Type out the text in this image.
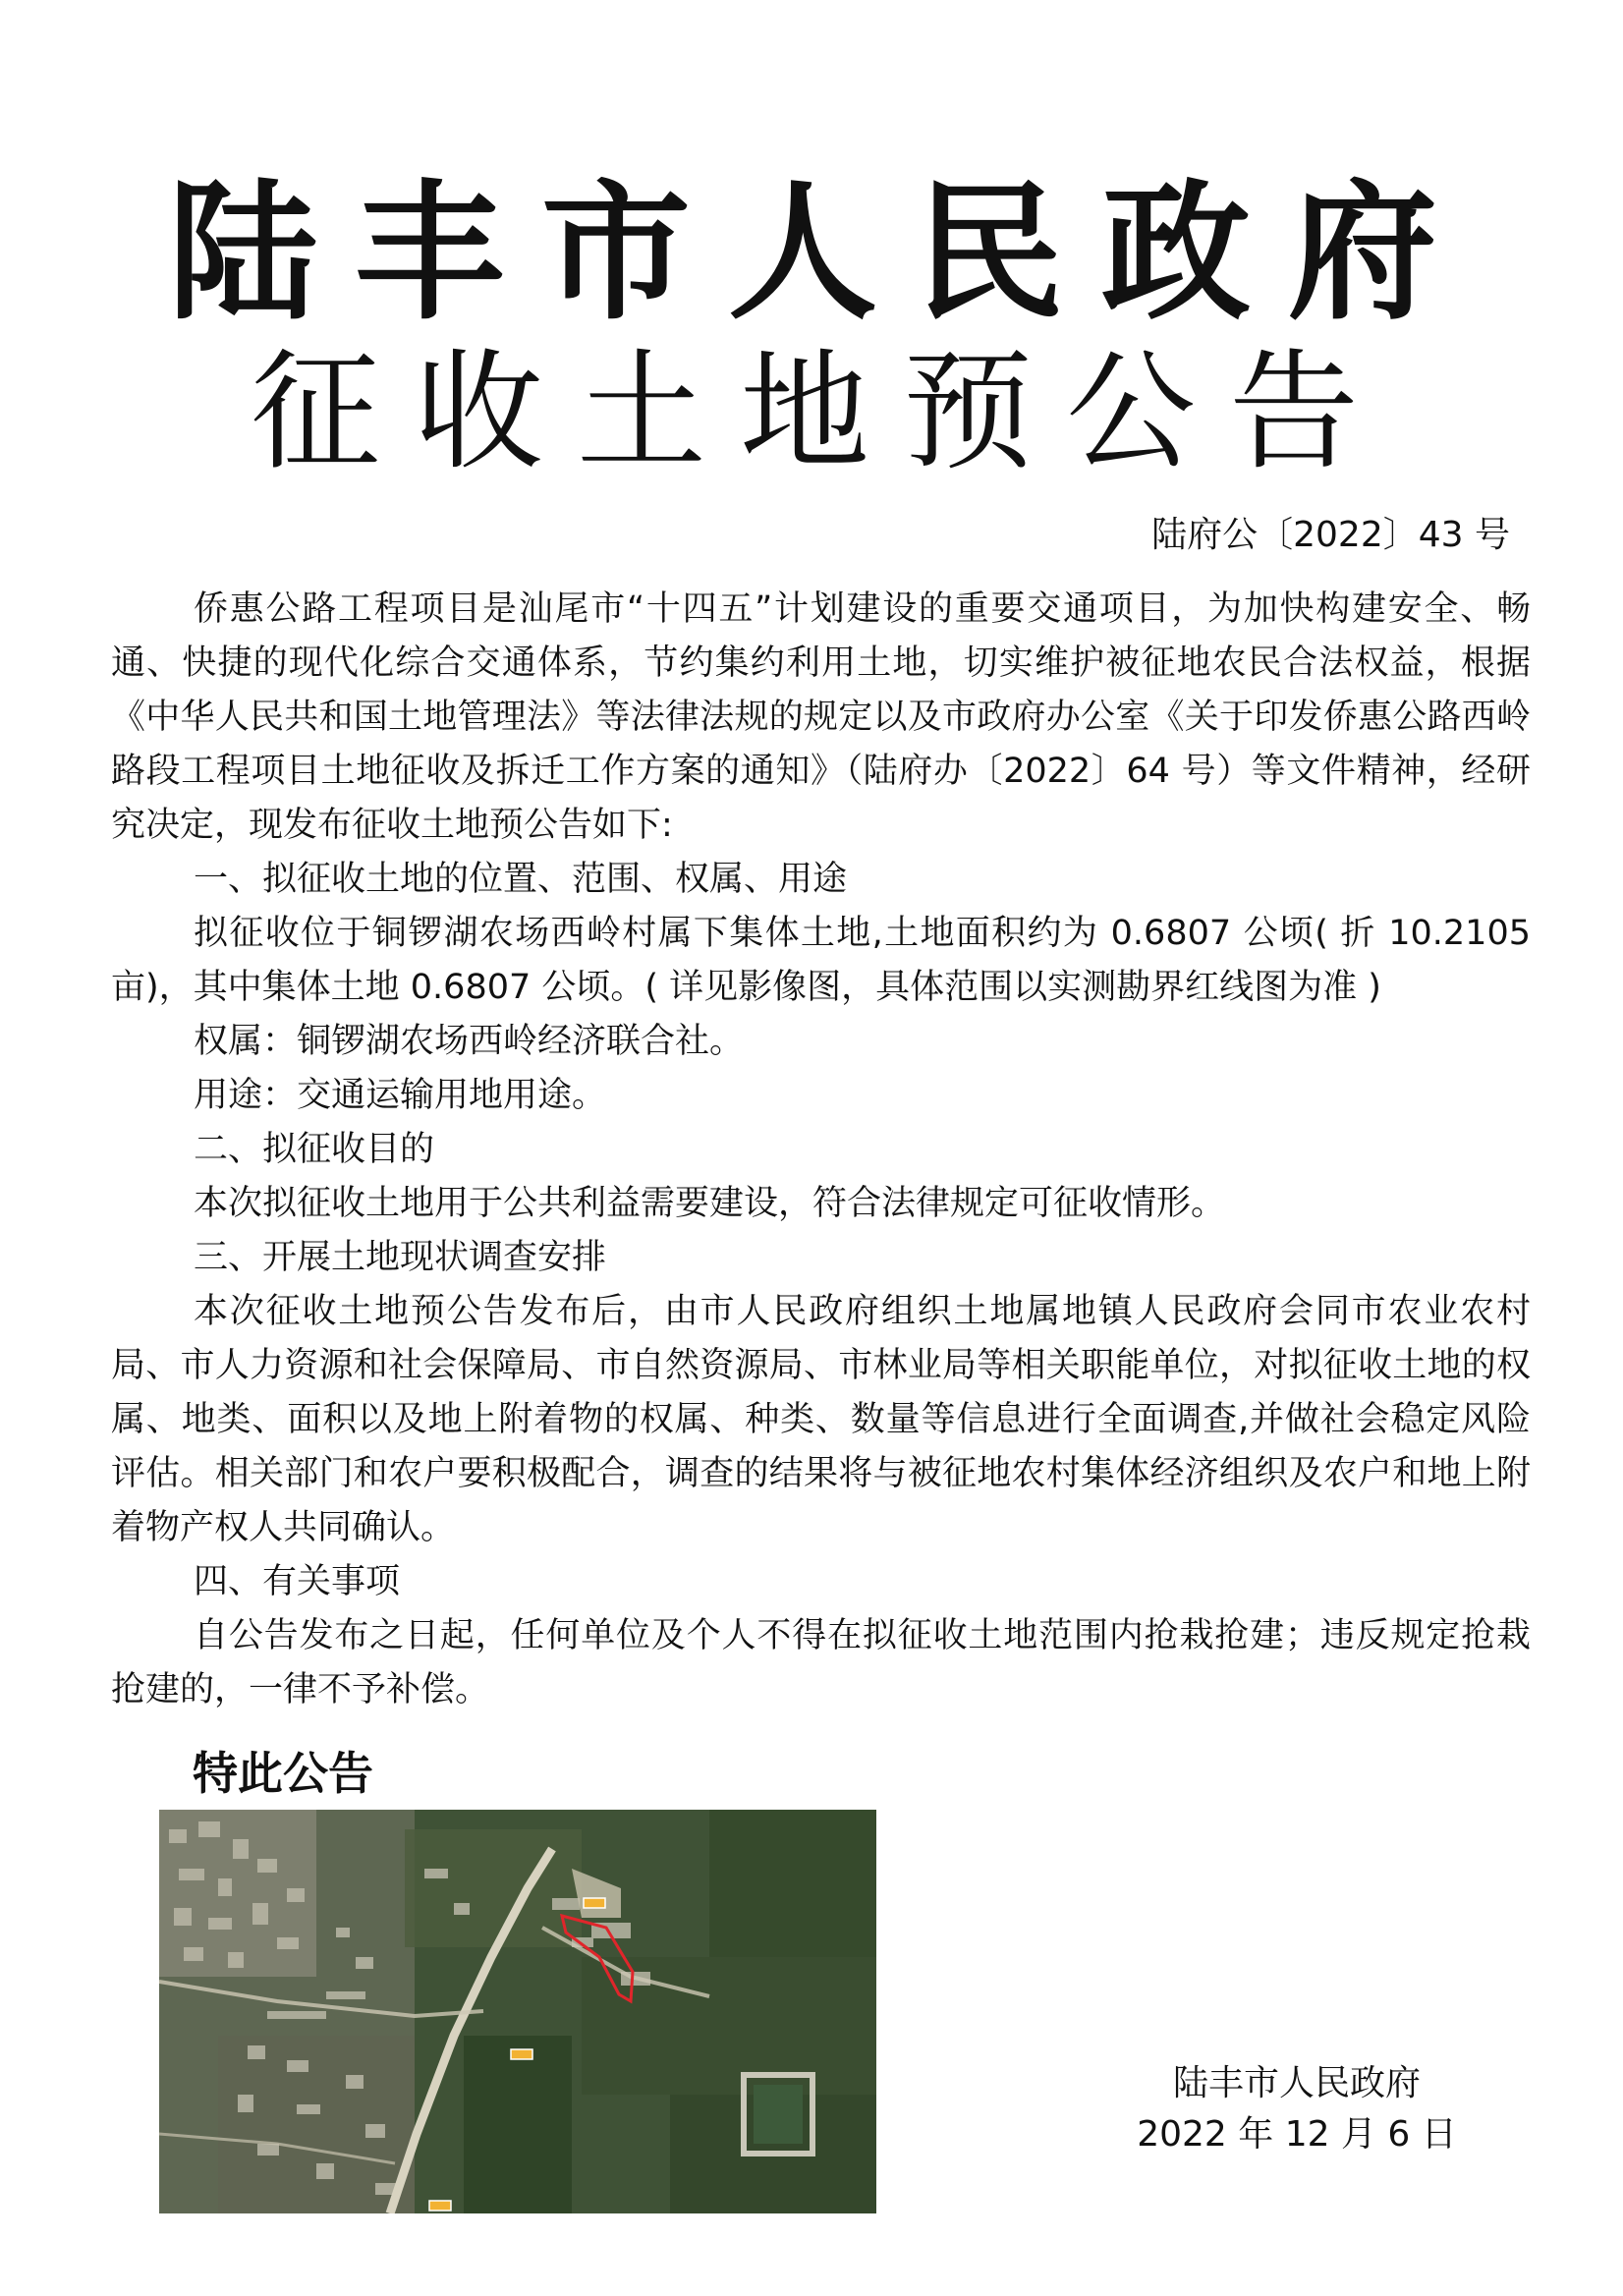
陆丰市人民政府
征收土地预公告
陆府公〔2022〕43 号

侨惠公路工程项目是汕尾市“十四五”计划建设的重要交通项目，为加快构建安全、畅通、快捷的现代化综合交通体系，节约集约利用土地，切实维护被征地农民合法权益，根据《中华人民共和国土地管理法》等法律法规的规定以及市政府办公室《关于印发侨惠公路西岭路段工程项目土地征收及拆迁工作方案的通知》（陆府办〔2022〕64 号）等文件精神，经研究决定，现发布征收土地预公告如下:

一、拟征收土地的位置、范围、权属、用途

拟征收位于铜锣湖农场西岭村属下集体土地,土地面积约为 0.6807 公顷( 折 10.2105 亩)，其中集体土地 0.6807 公顷。( 详见影像图，具体范围以实测勘界红线图为准 )

权属：铜锣湖农场西岭经济联合社。

用途：交通运输用地用途。

二、拟征收目的

本次拟征收土地用于公共利益需要建设，符合法律规定可征收情形。

三、开展土地现状调查安排

本次征收土地预公告发布后，由市人民政府组织土地属地镇人民政府会同市农业农村局、市人力资源和社会保障局、市自然资源局、市林业局等相关职能单位，对拟征收土地的权属、地类、面积以及地上附着物的权属、种类、数量等信息进行全面调查,并做社会稳定风险评估。相关部门和农户要积极配合，调查的结果将与被征地农村集体经济组织及农户和地上附着物产权人共同确认。

四、有关事项

自公告发布之日起，任何单位及个人不得在拟征收土地范围内抢栽抢建；违反规定抢栽抢建的，一律不予补偿。

特此公告
陆丰市人民政府
2022 年 12 月 6 日
